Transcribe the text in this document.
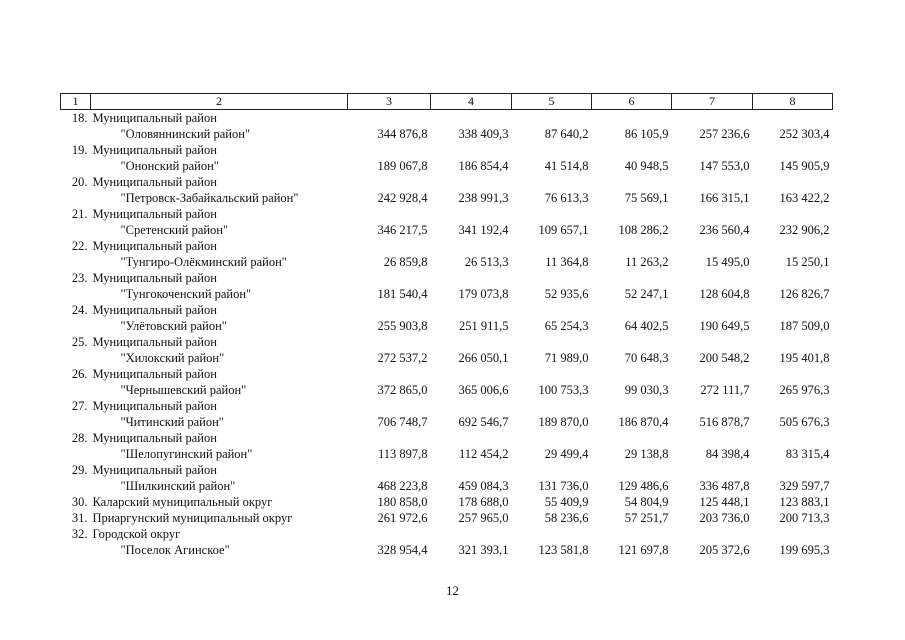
1	2	3	4	5	6	7	8
18.	Муниципальный район						
	"Оловяннинский район"	344 876,8	338 409,3	87 640,2	86 105,9	257 236,6	252 303,4
19.	Муниципальный район						
	"Ононский район"	189 067,8	186 854,4	41 514,8	40 948,5	147 553,0	145 905,9
20.	Муниципальный район						
	"Петровск-Забайкальский район"	242 928,4	238 991,3	76 613,3	75 569,1	166 315,1	163 422,2
21.	Муниципальный район						
	"Сретенский район"	346 217,5	341 192,4	109 657,1	108 286,2	236 560,4	232 906,2
22.	Муниципальный район						
	"Тунгиро-Олёкминский район"	26 859,8	26 513,3	11 364,8	11 263,2	15 495,0	15 250,1
23.	Муниципальный район						
	"Тунгокоченский район"	181 540,4	179 073,8	52 935,6	52 247,1	128 604,8	126 826,7
24.	Муниципальный район						
	"Улётовский район"	255 903,8	251 911,5	65 254,3	64 402,5	190 649,5	187 509,0
25.	Муниципальный район						
	"Хилокский район"	272 537,2	266 050,1	71 989,0	70 648,3	200 548,2	195 401,8
26.	Муниципальный район						
	"Чернышевский район"	372 865,0	365 006,6	100 753,3	99 030,3	272 111,7	265 976,3
27.	Муниципальный район						
	"Читинский район"	706 748,7	692 546,7	189 870,0	186 870,4	516 878,7	505 676,3
28.	Муниципальный район						
	"Шелопугинский район"	113 897,8	112 454,2	29 499,4	29 138,8	84 398,4	83 315,4
29.	Муниципальный район						
	"Шилкинский район"	468 223,8	459 084,3	131 736,0	129 486,6	336 487,8	329 597,7
30.	Каларский муниципальный округ	180 858,0	178 688,0	55 409,9	54 804,9	125 448,1	123 883,1
31.	Приаргунский муниципальный округ	261 972,6	257 965,0	58 236,6	57 251,7	203 736,0	200 713,3
32.	Городской округ						
	"Поселок Агинское"	328 954,4	321 393,1	123 581,8	121 697,8	205 372,6	199 695,3
12
